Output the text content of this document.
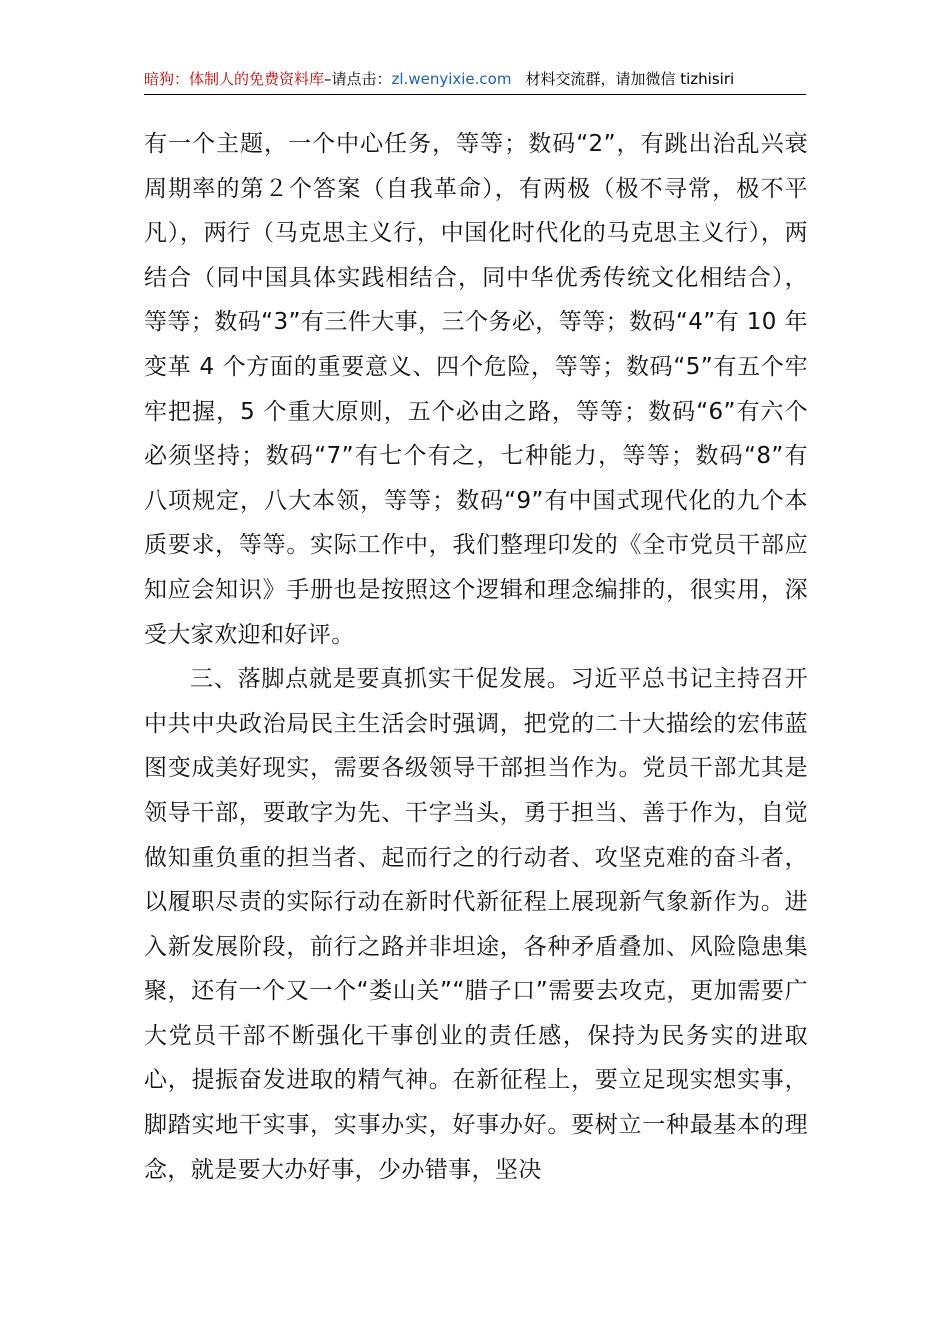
暗狗：体制人的免费资料库–请点击：zl.wenyixie.com 材料交流群，请加微信 tizhisiri

有一个主题，一个中心任务，等等；数码“2”，有跳出治乱兴衰周期率的第２个答案（自我革命），有两极（极不寻常，极不平凡），两行（马克思主义行，中国化时代化的马克思主义行），两结合（同中国具体实践相结合，同中华优秀传统文化相结合），等等；数码“3”有三件大事，三个务必，等等；数码“4”有 10 年变革 4 个方面的重要意义、四个危险，等等；数码“5”有五个牢牢把握，5 个重大原则，五个必由之路，等等；数码“6”有六个必须坚持；数码“7”有七个有之，七种能力，等等；数码“8”有八项规定，八大本领，等等；数码“9”有中国式现代化的九个本质要求，等等。实际工作中，我们整理印发的《全市党员干部应知应会知识》手册也是按照这个逻辑和理念编排的，很实用，深受大家欢迎和好评。

三、落脚点就是要真抓实干促发展。习近平总书记主持召开中共中央政治局民主生活会时强调，把党的二十大描绘的宏伟蓝图变成美好现实，需要各级领导干部担当作为。党员干部尤其是领导干部，要敢字为先、干字当头，勇于担当、善于作为，自觉做知重负重的担当者、起而行之的行动者、攻坚克难的奋斗者，以履职尽责的实际行动在新时代新征程上展现新气象新作为。进入新发展阶段，前行之路并非坦途，各种矛盾叠加、风险隐患集聚，还有一个又一个“娄山关”“腊子口”需要去攻克，更加需要广大党员干部不断强化干事创业的责任感，保持为民务实的进取心，提振奋发进取的精气神。在新征程上，要立足现实想实事，脚踏实地干实事，实事办实，好事办好。要树立一种最基本的理念，就是要大办好事，少办错事，坚决
